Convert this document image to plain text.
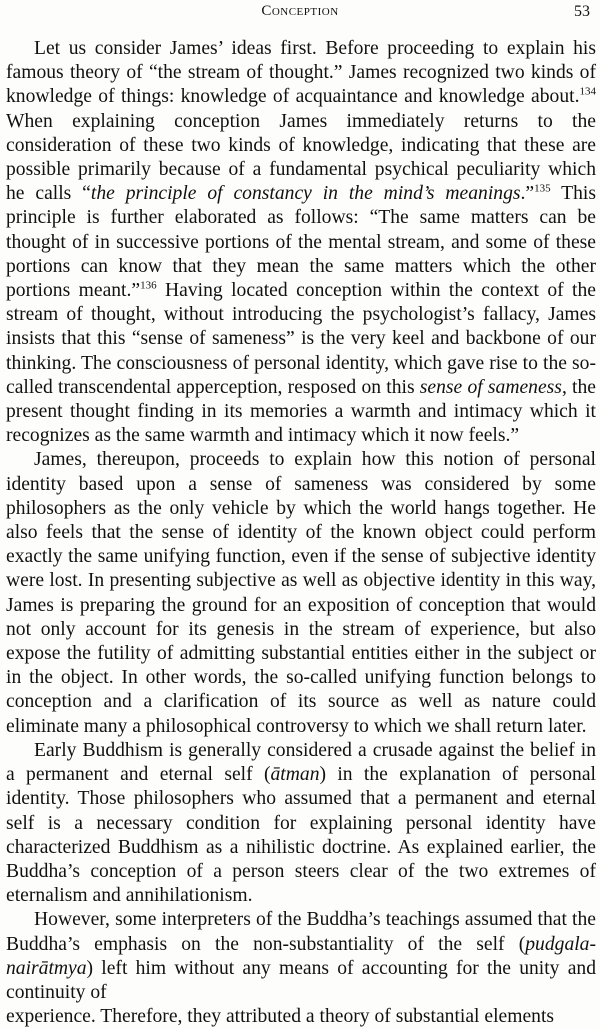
Conception	53

Let us consider James’ ideas first. Before proceeding to explain his famous theory of “the stream of thought.” James recognized two kinds of knowledge of things: knowledge of acquaintance and knowledge about.$^{134}$ When explaining conception James immediately returns to the consideration of these two kinds of knowledge, indicating that these are possible primarily because of a fundamental psychical peculiarity which he calls “the principle of constancy in the mind’s meanings.”$^{135}$ This principle is further elaborated as follows: “The same matters can be thought of in successive portions of the mental stream, and some of these portions can know that they mean the same matters which the other portions meant.”$^{136}$ Having located conception within the context of the stream of thought, without introducing the psychologist’s fallacy, James insists that this “sense of sameness” is the very keel and backbone of our thinking. The consciousness of personal identity, which gave rise to the so-called transcendental apperception, resposed on this sense of sameness, the present thought finding in its memories a warmth and intimacy which it recognizes as the same warmth and intimacy which it now feels.”

James, thereupon, proceeds to explain how this notion of personal identity based upon a sense of sameness was considered by some philosophers as the only vehicle by which the world hangs together. He also feels that the sense of identity of the known object could perform exactly the same unifying function, even if the sense of subjective identity were lost. In presenting subjective as well as objective identity in this way, James is preparing the ground for an exposition of conception that would not only account for its genesis in the stream of experience, but also expose the futility of admitting substantial entities either in the subject or in the object. In other words, the so-called unifying function belongs to conception and a clarification of its source as well as nature could eliminate many a philosophical controversy to which we shall return later.

Early Buddhism is generally considered a crusade against the belief in a permanent and eternal self (ātman) in the explanation of personal identity. Those philosophers who assumed that a permanent and eternal self is a necessary condition for explaining personal identity have characterized Buddhism as a nihilistic doctrine. As explained earlier, the Buddha’s conception of a person steers clear of the two extremes of eternalism and annihilationism.

However, some interpreters of the Buddha’s teachings assumed that the Buddha’s emphasis on the non-substantiality of the self (pudgala-nairātmya) left him without any means of accounting for the unity and continuity of

experience. Therefore, they attributed a theory of substantial elements
